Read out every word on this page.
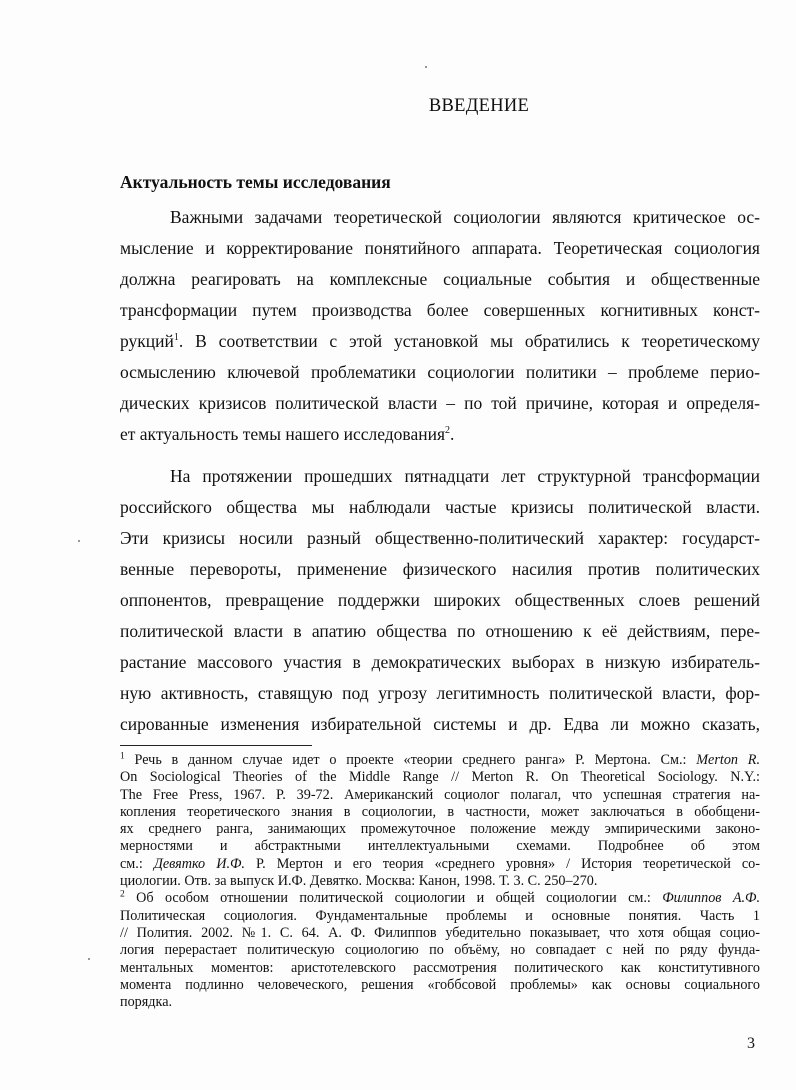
ВВЕДЕНИЕ
Актуальность темы исследования
Важными задачами теоретической социологии являются критическое ос-
мысление и корректирование понятийного аппарата. Теоретическая социология
должна реагировать на комплексные социальные события и общественные
трансформации путем производства более совершенных когнитивных конст-
рукций$^1$. В соответствии с этой установкой мы обратились к теоретическому
осмыслению ключевой проблематики социологии политики – проблеме перио-
дических кризисов политической власти – по той причине, которая и определя-
ет актуальность темы нашего исследования$^2$.
На протяжении прошедших пятнадцати лет структурной трансформации
российского общества мы наблюдали частые кризисы политической власти.
Эти кризисы носили разный общественно-политический характер: государст-
венные перевороты, применение физического насилия против политических
оппонентов, превращение поддержки широких общественных слоев решений
политической власти в апатию общества по отношению к её действиям, пере-
растание массового участия в демократических выборах в низкую избиратель-
ную активность, ставящую под угрозу легитимность политической власти, фор-
сированные изменения избирательной системы и др. Едва ли можно сказать,
$^1$ Речь в данном случае идет о проекте «теории среднего ранга» Р. Мертона. См.: Merton R.
On Sociological Theories of the Middle Range // Merton R. On Theoretical Sociology. N.Y.:
The Free Press, 1967. P. 39-72. Американский социолог полагал, что успешная стратегия на-
копления теоретического знания в социологии, в частности, может заключаться в обобщени-
ях среднего ранга, занимающих промежуточное положение между эмпирическими законо-
мерностями и абстрактными интеллектуальными схемами. Подробнее об этом
см.: Девятко И.Ф. Р. Мертон и его теория «среднего уровня» / История теоретической со-
циологии. Отв. за выпуск И.Ф. Девятко. Москва: Канон, 1998. Т. 3. С. 250–270.
$^2$ Об особом отношении политической социологии и общей социологии см.: Филиппов А.Ф.
Политическая социология. Фундаментальные проблемы и основные понятия. Часть 1
// Полития. 2002. №1. С. 64. А. Ф. Филиппов убедительно показывает, что хотя общая социо-
логия перерастает политическую социологию по объёму, но совпадает с ней по ряду фунда-
ментальных моментов: аристотелевского рассмотрения политического как конститутивного
момента подлинно человеческого, решения «гоббсовой проблемы» как основы социального
порядка.
3
